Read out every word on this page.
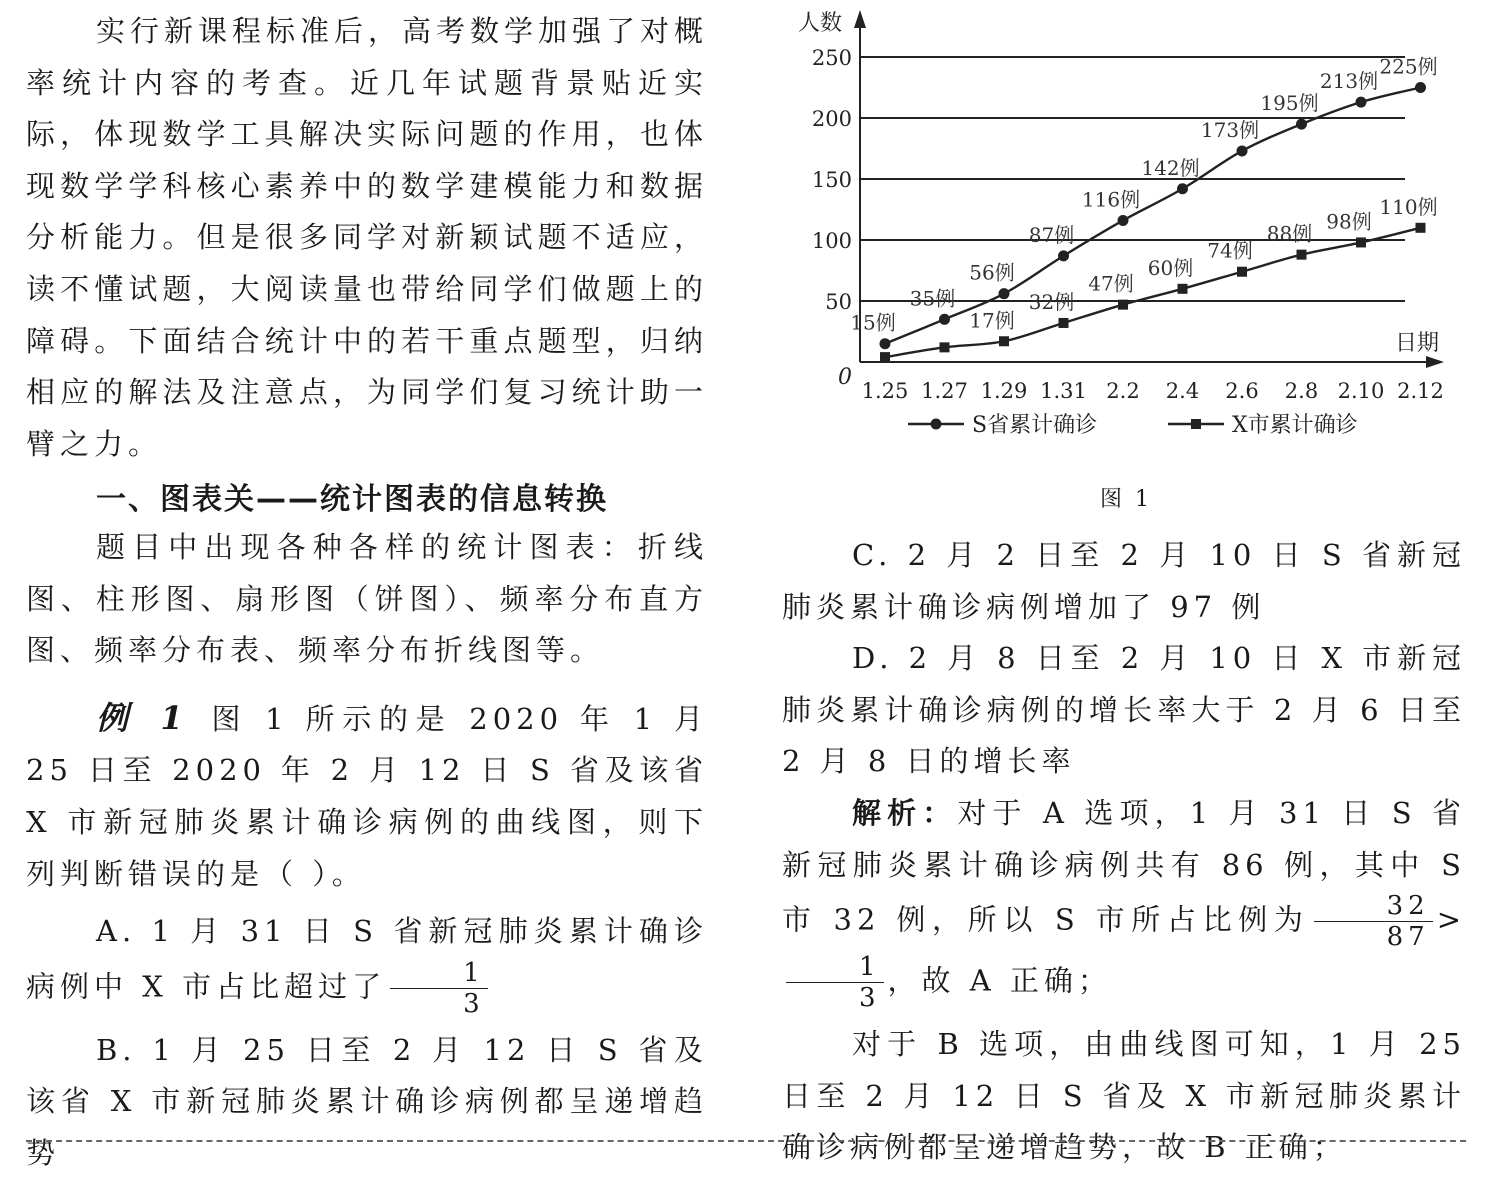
实行新课程标准后，高考数学加强了对概率统计内容的考查。近几年试题背景贴近实际，体现数学工具解决实际问题的作用，也体现数学学科核心素养中的数学建模能力和数据分析能力。但是很多同学对新颖试题不适应，读不懂试题，大阅读量也带给同学们做题上的障碍。下面结合统计中的若干重点题型，归纳相应的解法及注意点，为同学们复习统计助一臂之力。

一、图表关——统计图表的信息转换

题目中出现各种各样的统计图表：折线图、柱形图、扇形图（饼图）、频率分布直方图、频率分布表、频率分布折线图等。

例 1 图 1 所示的是 2020 年 1 月 25 日至 2020 年 2 月 12 日 S 省及该省 X 市新冠肺炎累计确诊病例的曲线图，则下列判断错误的是（ ）。

A. 1 月 31 日 S 省新冠肺炎累计确诊病例中 X 市占比超过了 $\frac{1}{3}$

B. 1 月 25 日至 2 月 12 日 S 省及该省 X 市新冠肺炎累计确诊病例都呈递增趋势

50
100
150
200
250
人数
日期
0
1.25 1.27 1.29 1.31 2.2 2.4 2.6 2.8 2.10 2.12
15例
35例
56例
87例
116例
142例
173例
195例
213例
225例
17例
32例
47例
60例
74例
88例
98例
110例
S省累计确诊	X市累计确诊
图 1

C. 2 月 2 日至 2 月 10 日 S 省新冠肺炎累计确诊病例增加了 97 例

D. 2 月 8 日至 2 月 10 日 X 市新冠肺炎累计确诊病例的增长率大于 2 月 6 日至 2 月 8 日的增长率

解析：对于 A 选项，1 月 31 日 S 省新冠肺炎累计确诊病例共有 86 例，其中 S 市 32 例，所以 S 市所占比例为 $\frac{32}{87}$ >
$\frac{1}{3}$ ，故 A 正确；

对于 B 选项，由曲线图可知，1 月 25 日至 2 月 12 日 S 省及 X 市新冠肺炎累计确诊病例都呈递增趋势，故 B 正确；
